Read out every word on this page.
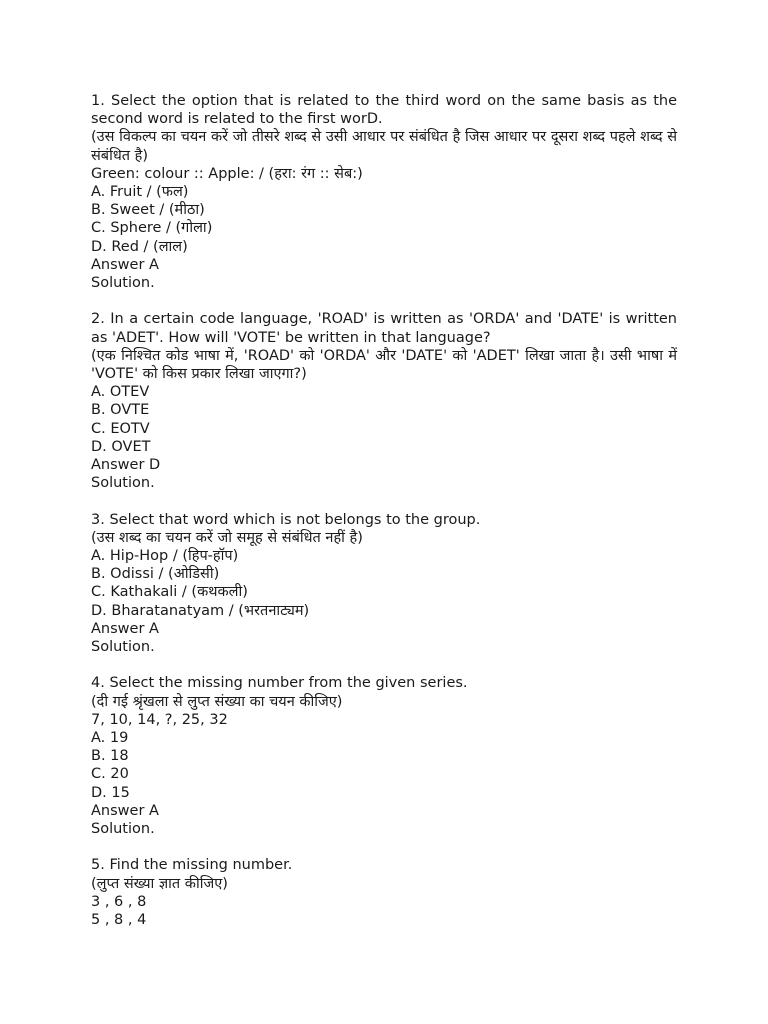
1. Select the option that is related to the third word on the same basis as the second word is related to the first worD.
(उस विकल्प का चयन करें जो तीसरे शब्द से उसी आधार पर संबंधित है जिस आधार पर दूसरा शब्द पहले शब्द से संबंधित है)
Green: colour :: Apple: / (हरा: रंग :: सेब:)
A. Fruit / (फल)
B. Sweet / (मीठा)
C. Sphere / (गोला)
D. Red / (लाल)
Answer A
Solution.
2. In a certain code language, 'ROAD' is written as 'ORDA' and 'DATE' is written as 'ADET'. How will 'VOTE' be written in that language?
(एक निश्चित कोड भाषा में, 'ROAD' को 'ORDA' और 'DATE' को 'ADET' लिखा जाता है। उसी भाषा में 'VOTE' को किस प्रकार लिखा जाएगा?)
A. OTEV
B. OVTE
C. EOTV
D. OVET
Answer D
Solution.
3. Select that word which is not belongs to the group.
(उस शब्द का चयन करें जो समूह से संबंधित नहीं है)
A. Hip-Hop / (हिप-हॉप)
B. Odissi / (ओडिसी)
C. Kathakali / (कथकली)
D. Bharatanatyam / (भरतनाट्यम)
Answer A
Solution.
4. Select the missing number from the given series.
(दी गई श्रृंखला से लुप्त संख्या का चयन कीजिए)
7, 10, 14, ?, 25, 32
A. 19
B. 18
C. 20
D. 15
Answer A
Solution.
5. Find the missing number.
(लुप्त संख्या ज्ञात कीजिए)
3 , 6 , 8
5 , 8 , 4
